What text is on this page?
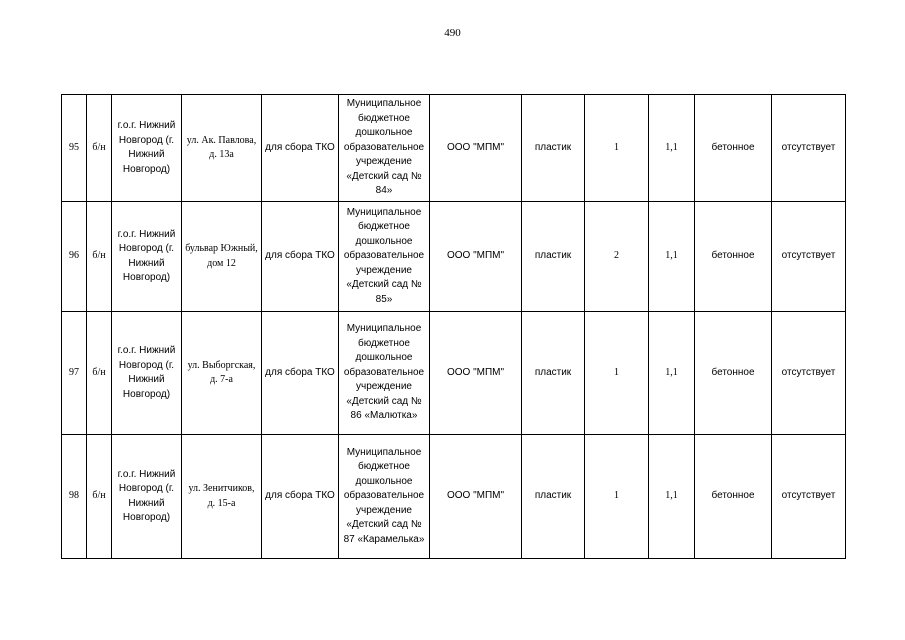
490
95	б/н	г.о.г. Нижний Новгород (г. Нижний Новгород)	ул. Ак. Павлова, д. 13а	для сбора ТКО	Муниципальное бюджетное дошкольное образовательное учреждение «Детский сад № 84»	ООО "МПМ"	пластик	1	1,1	бетонное	отсутствует
96	б/н	г.о.г. Нижний Новгород (г. Нижний Новгород)	бульвар Южный, дом 12	для сбора ТКО	Муниципальное бюджетное дошкольное образовательное учреждение «Детский сад № 85»	ООО "МПМ"	пластик	2	1,1	бетонное	отсутствует
97	б/н	г.о.г. Нижний Новгород (г. Нижний Новгород)	ул. Выборгская, д. 7-а	для сбора ТКО	Муниципальное бюджетное дошкольное образовательное учреждение «Детский сад № 86 «Малютка»	ООО "МПМ"	пластик	1	1,1	бетонное	отсутствует
98	б/н	г.о.г. Нижний Новгород (г. Нижний Новгород)	ул. Зенитчиков, д. 15-а	для сбора ТКО	Муниципальное бюджетное дошкольное образовательное учреждение «Детский сад № 87 «Карамелька»	ООО "МПМ"	пластик	1	1,1	бетонное	отсутствует
